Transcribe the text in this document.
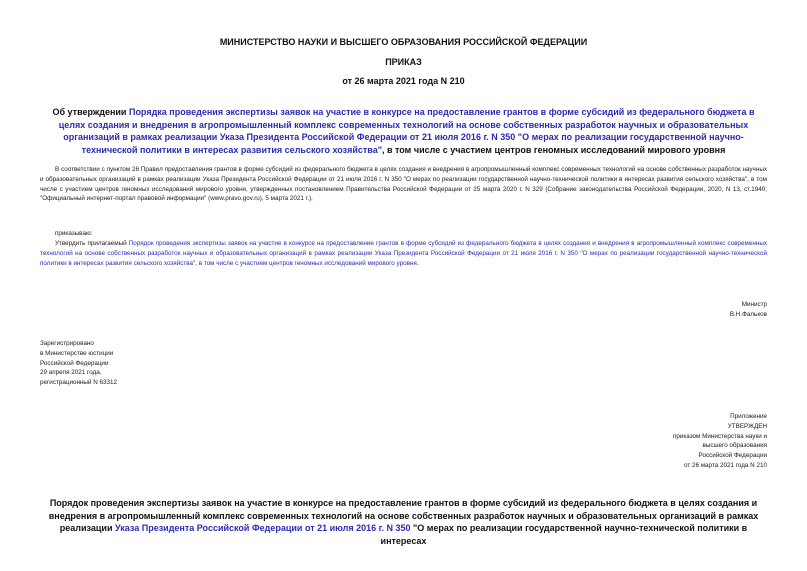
МИНИСТЕРСТВО НАУКИ И ВЫСШЕГО ОБРАЗОВАНИЯ РОССИЙСКОЙ ФЕДЕРАЦИИ
ПРИКАЗ
от 26 марта 2021 года N 210
Об утверждении Порядка проведения экспертизы заявок на участие в конкурсе на предоставление грантов в форме субсидий из федерального бюджета в целях создания и внедрения в агропромышленный комплекс современных технологий на основе собственных разработок научных и образовательных организаций в рамках реализации Указа Президента Российской Федерации от 21 июля 2016 г. N 350 "О мерах по реализации государственной научно-технической политики в интересах развития сельского хозяйства", в том числе с участием центров геномных исследований мирового уровня
В соответствии с пунктом 26 Правил предоставления грантов в форме субсидий из федерального бюджета в целях создания и внедрения в агропромышленный комплекс современных технологий на основе собственных разработок научных и образовательных организаций в рамках реализации Указа Президента Российской Федерации от 21 июля 2016 г. N 350 "О мерах по реализации государственной научно-технической политики в интересах развития сельского хозяйства", в том числе с участием центров геномных исследований мирового уровня, утвержденных постановлением Правительства Российской Федерации от 25 марта 2020 г. N 329 (Собрание законодательства Российской Федерации, 2020, N 13, ст.1940; "Официальный интернет-портал правовой информации" (www.pravo.gov.ru), 5 марта 2021 г.),
приказываю:
Утвердить прилагаемый Порядок проведения экспертизы заявок на участие в конкурсе на предоставление грантов в форме субсидий из федерального бюджета в целях создания и внедрения в агропромышленный комплекс современных технологий на основе собственных разработок научных и образовательных организаций в рамках реализации Указа Президента Российской Федерации от 21 июля 2016 г. N 350 "О мерах по реализации государственной научно-технической политики в интересах развития сельского хозяйства", в том числе с участием центров геномных исследований мирового уровня.
Министр
В.Н.Фальков
Зарегистрировано
в Министерстве юстиции
Российской Федерации
29 апреля 2021 года,
регистрационный N 63312
Приложение
УТВЕРЖДЕН
приказом Министерства науки и
высшего образования
Российской Федерации
от 26 марта 2021 года N 210
Порядок проведения экспертизы заявок на участие в конкурсе на предоставление грантов в форме субсидий из федерального бюджета в целях создания и внедрения в агропромышленный комплекс современных технологий на основе собственных разработок научных и образовательных организаций в рамках реализации Указа Президента Российской Федерации от 21 июля 2016 г. N 350 "О мерах по реализации государственной научно-технической политики в интересах
